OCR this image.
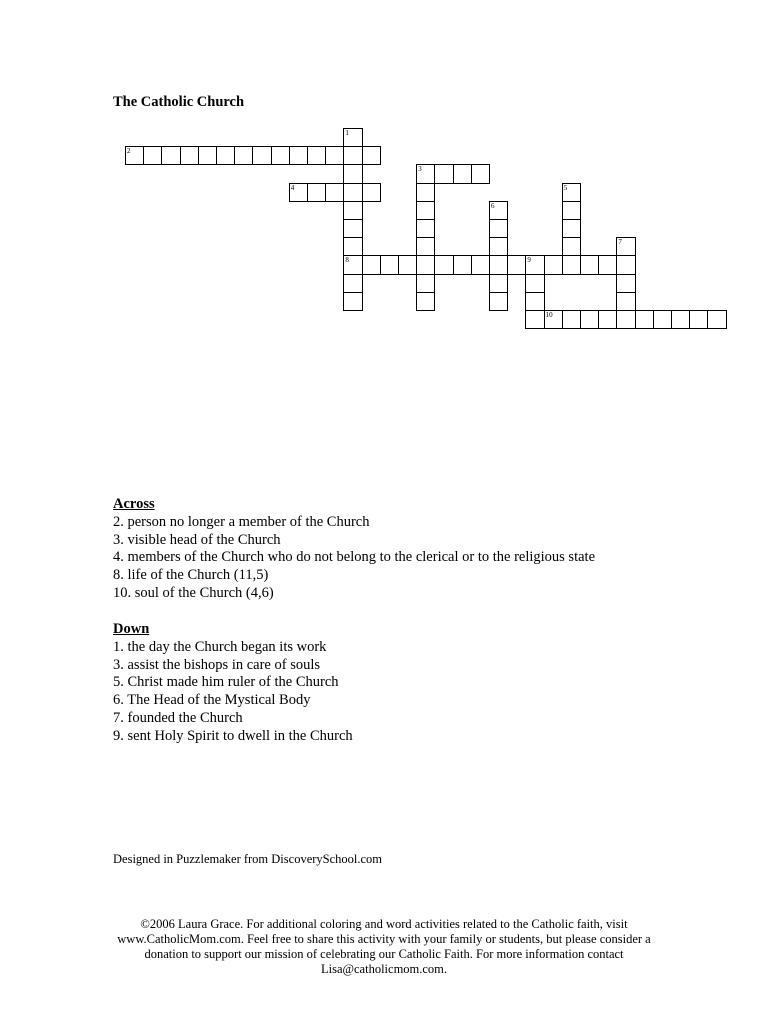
The Catholic Church
1
8
2
3
4	5
6
7
9
10
Across
2. person no longer a member of the Church
3. visible head of the Church
4. members of the Church who do not belong to the clerical or to the religious state
8. life of the Church (11,5)
10. soul of the Church (4,6)
Down
1. the day the Church began its work
3. assist the bishops in care of souls
5. Christ made him ruler of the Church
6. The Head of the Mystical Body
7. founded the Church
9. sent Holy Spirit to dwell in the Church
Designed in Puzzlemaker from DiscoverySchool.com
©2006 Laura Grace. For additional coloring and word activities related to the Catholic faith, visit
www.CatholicMom.com. Feel free to share this activity with your family or students, but please consider a
donation to support our mission of celebrating our Catholic Faith. For more information contact
Lisa@catholicmom.com.
